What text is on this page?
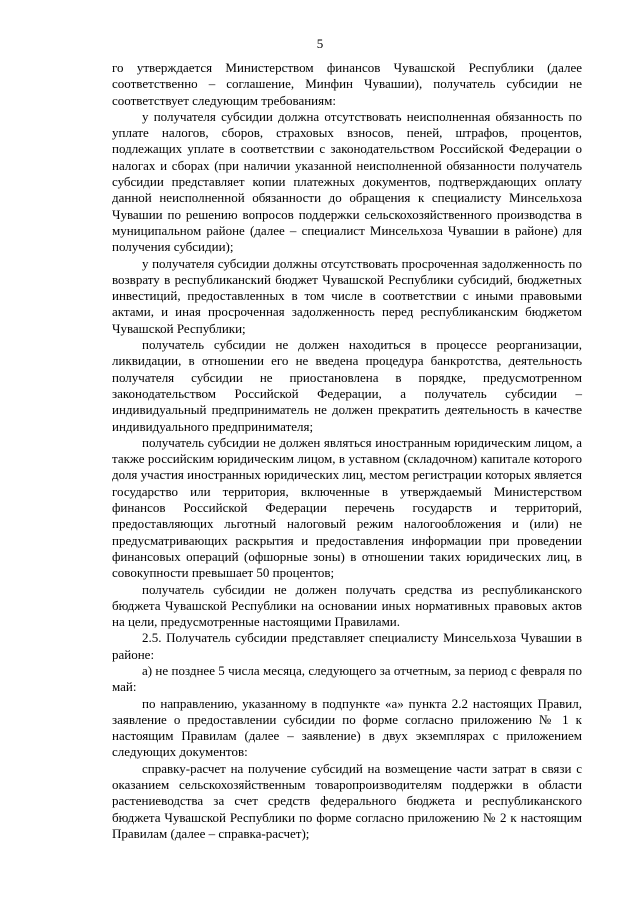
5

го утверждается Министерством финансов Чувашской Республики (далее соответственно – соглашение, Минфин Чувашии), получатель субсидии не соответствует следующим требованиям:

у получателя субсидии должна отсутствовать неисполненная обязанность по уплате налогов, сборов, страховых взносов, пеней, штрафов, процентов, подлежащих уплате в соответствии с законодательством Российской Федерации о налогах и сборах (при наличии указанной неисполненной обязанности получатель субсидии представляет копии платежных документов, подтверждающих оплату данной неисполненной обязанности до обращения к специалисту Минсельхоза Чувашии по решению вопросов поддержки сельскохозяйственного производства в муниципальном районе (далее – специалист Минсельхоза Чувашии в районе) для получения субсидии);

у получателя субсидии должны отсутствовать просроченная задолженность по возврату в республиканский бюджет Чувашской Республики субсидий, бюджетных инвестиций, предоставленных в том числе в соответствии с иными правовыми актами, и иная просроченная задолженность перед республиканским бюджетом Чувашской Республики;

получатель субсидии не должен находиться в процессе реорганизации, ликвидации, в отношении его не введена процедура банкротства, деятельность получателя субсидии не приостановлена в порядке, предусмотренном законодательством Российской Федерации, а получатель субсидии – индивидуальный предприниматель не должен прекратить деятельность в качестве индивидуального предпринимателя;

получатель субсидии не должен являться иностранным юридическим лицом, а также российским юридическим лицом, в уставном (складочном) капитале которого доля участия иностранных юридических лиц, местом регистрации которых является государство или территория, включенные в утверждаемый Министерством финансов Российской Федерации перечень государств и территорий, предоставляющих льготный налоговый режим налогообложения и (или) не предусматривающих раскрытия и предоставления информации при проведении финансовых операций (офшорные зоны) в отношении таких юридических лиц, в совокупности превышает 50 процентов;

получатель субсидии не должен получать средства из республиканского бюджета Чувашской Республики на основании иных нормативных правовых актов на цели, предусмотренные настоящими Правилами.

2.5. Получатель субсидии представляет специалисту Минсельхоза Чувашии в районе:

а) не позднее 5 числа месяца, следующего за отчетным, за период с февраля по май:

по направлению, указанному в подпункте «а» пункта 2.2 настоящих Правил, заявление о предоставлении субсидии по форме согласно приложению № 1 к настоящим Правилам (далее – заявление) в двух экземплярах с приложением следующих документов:

справку-расчет на получение субсидий на возмещение части затрат в связи с оказанием сельскохозяйственным товаропроизводителям поддержки в области растениеводства за счет средств федерального бюджета и республиканского бюджета Чувашской Республики по форме согласно приложению № 2 к настоящим Правилам (далее – справка-расчет);
